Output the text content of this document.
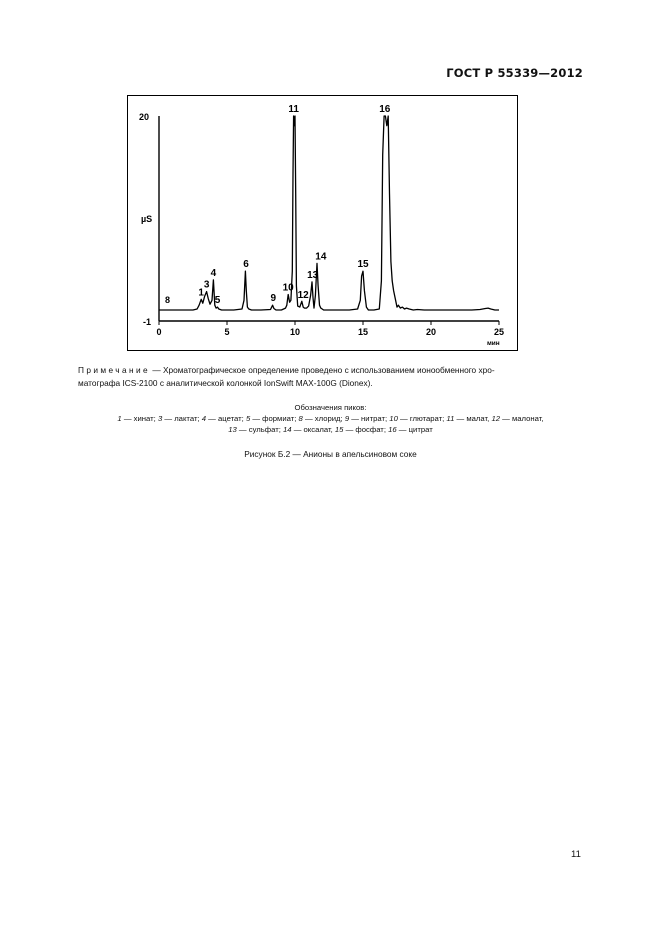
ГОСТ Р 55339—2012
0	5	10	15	20	25
20
-1
µS
мин
8
1
3
4
5
6
9
10
11
12
13
14
15
16
Примечание — Хроматографическое определение проведено с использованием ионообменного хро-
матографа ICS-2100 с аналитической колонкой IonSwift MAX-100G (Dionex).

Обозначения пиков:

1 — хинат; 3 — лактат; 4 — ацетат; 5 — формиат; 8 — хлорид; 9 — нитрат; 10 — глютарат; 11 — малат, 12 — малонат,

13 — сульфат; 14 — оксалат, 15 — фосфат; 16 — цитрат

Рисунок Б.2 — Анионы в апельсиновом соке
11
